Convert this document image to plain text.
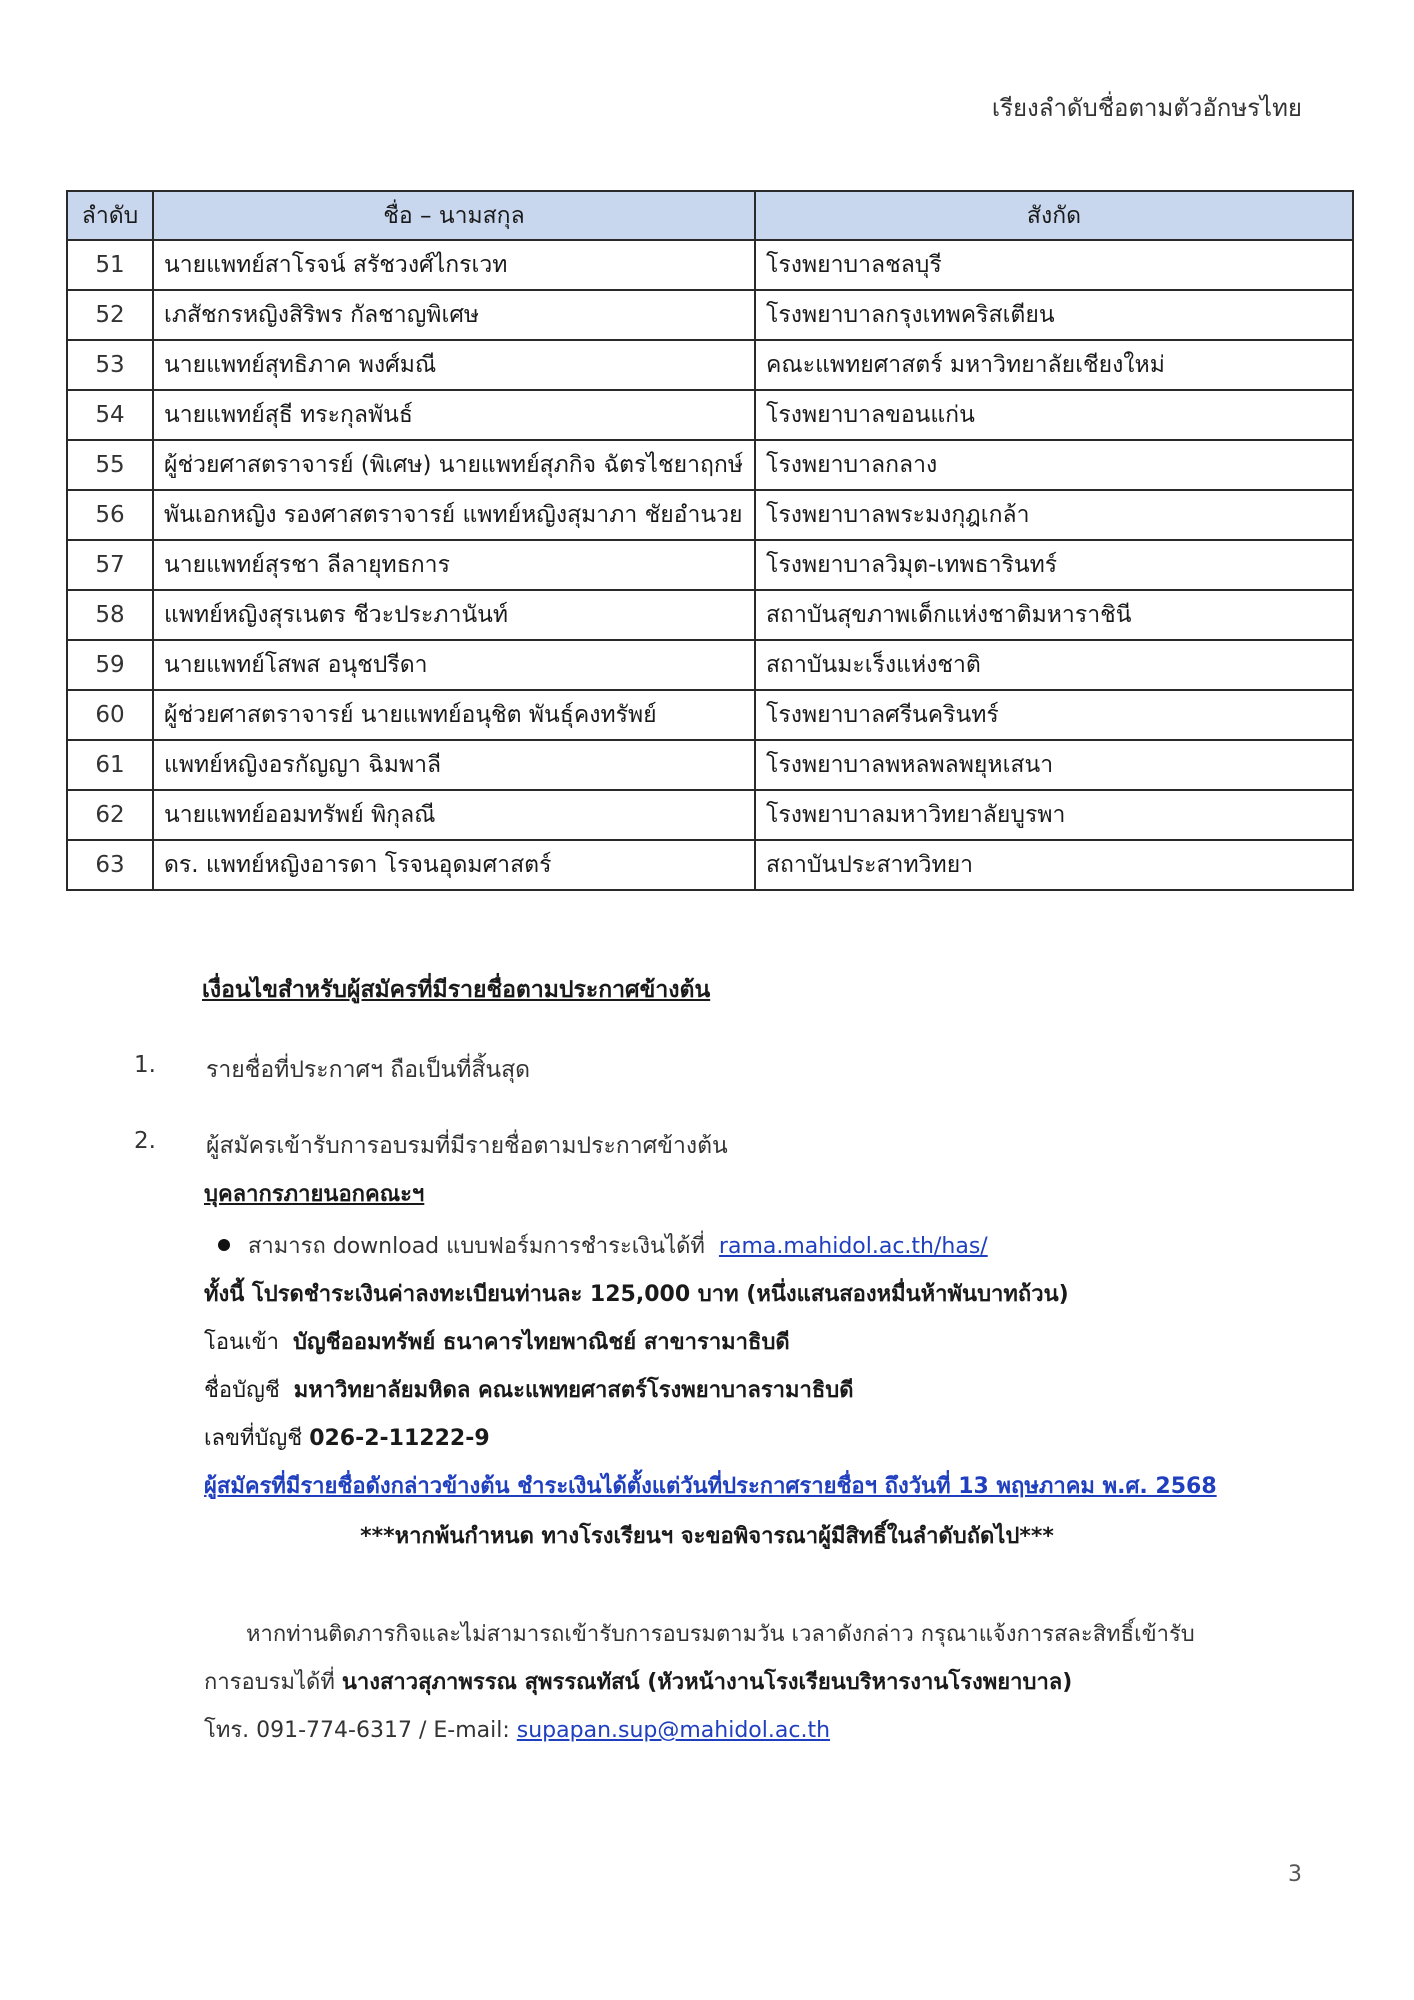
เรียงลำดับชื่อตามตัวอักษรไทย
ลำดับ	ชื่อ – นามสกุล	สังกัด
51	นายแพทย์สาโรจน์ สรัชวงศ์ไกรเวท	โรงพยาบาลชลบุรี
52	เภสัชกรหญิงสิริพร กัลชาญพิเศษ	โรงพยาบาลกรุงเทพคริสเตียน
53	นายแพทย์สุทธิภาค พงศ์มณี	คณะแพทยศาสตร์ มหาวิทยาลัยเชียงใหม่
54	นายแพทย์สุธี ทระกุลพันธ์	โรงพยาบาลขอนแก่น
55	ผู้ช่วยศาสตราจารย์ (พิเศษ) นายแพทย์สุภกิจ ฉัตรไชยาฤกษ์	โรงพยาบาลกลาง
56	พันเอกหญิง รองศาสตราจารย์ แพทย์หญิงสุมาภา ชัยอำนวย	โรงพยาบาลพระมงกุฎเกล้า
57	นายแพทย์สุรชา ลีลายุทธการ	โรงพยาบาลวิมุต-เทพธารินทร์
58	แพทย์หญิงสุรเนตร ชีวะประภานันท์	สถาบันสุขภาพเด็กแห่งชาติมหาราชินี
59	นายแพทย์โสพส อนุชปรีดา	สถาบันมะเร็งแห่งชาติ
60	ผู้ช่วยศาสตราจารย์ นายแพทย์อนุชิต พันธุ์คงทรัพย์	โรงพยาบาลศรีนครินทร์
61	แพทย์หญิงอรกัญญา ฉิมพาลี	โรงพยาบาลพหลพลพยุหเสนา
62	นายแพทย์ออมทรัพย์ พิกุลณี	โรงพยาบาลมหาวิทยาลัยบูรพา
63	ดร. แพทย์หญิงอารดา โรจนอุดมศาสตร์	สถาบันประสาทวิทยา
เงื่อนไขสำหรับผู้สมัครที่มีรายชื่อตามประกาศข้างต้น
1. รายชื่อที่ประกาศฯ ถือเป็นที่สิ้นสุด
2. ผู้สมัครเข้ารับการอบรมที่มีรายชื่อตามประกาศข้างต้น
บุคลากรภายนอกคณะฯ
สามารถ download แบบฟอร์มการชำระเงินได้ที่ rama.mahidol.ac.th/has/
ทั้งนี้ โปรดชำระเงินค่าลงทะเบียนท่านละ 125,000 บาท (หนึ่งแสนสองหมื่นห้าพันบาทถ้วน)
โอนเข้า บัญชีออมทรัพย์ ธนาคารไทยพาณิชย์ สาขารามาธิบดี
ชื่อบัญชี มหาวิทยาลัยมหิดล คณะแพทยศาสตร์โรงพยาบาลรามาธิบดี
เลขที่บัญชี 026-2-11222-9
ผู้สมัครที่มีรายชื่อดังกล่าวข้างต้น ชำระเงินได้ตั้งแต่วันที่ประกาศรายชื่อฯ ถึงวันที่ 13 พฤษภาคม พ.ศ. 2568
***หากพ้นกำหนด ทางโรงเรียนฯ จะขอพิจารณาผู้มีสิทธิ์ในลำดับถัดไป***
หากท่านติดภารกิจและไม่สามารถเข้ารับการอบรมตามวัน เวลาดังกล่าว กรุณาแจ้งการสละสิทธิ์เข้ารับ
การอบรมได้ที่ นางสาวสุภาพรรณ สุพรรณทัสน์ (หัวหน้างานโรงเรียนบริหารงานโรงพยาบาล)
โทร. 091-774-6317 / E-mail: supapan.sup@mahidol.ac.th
3
